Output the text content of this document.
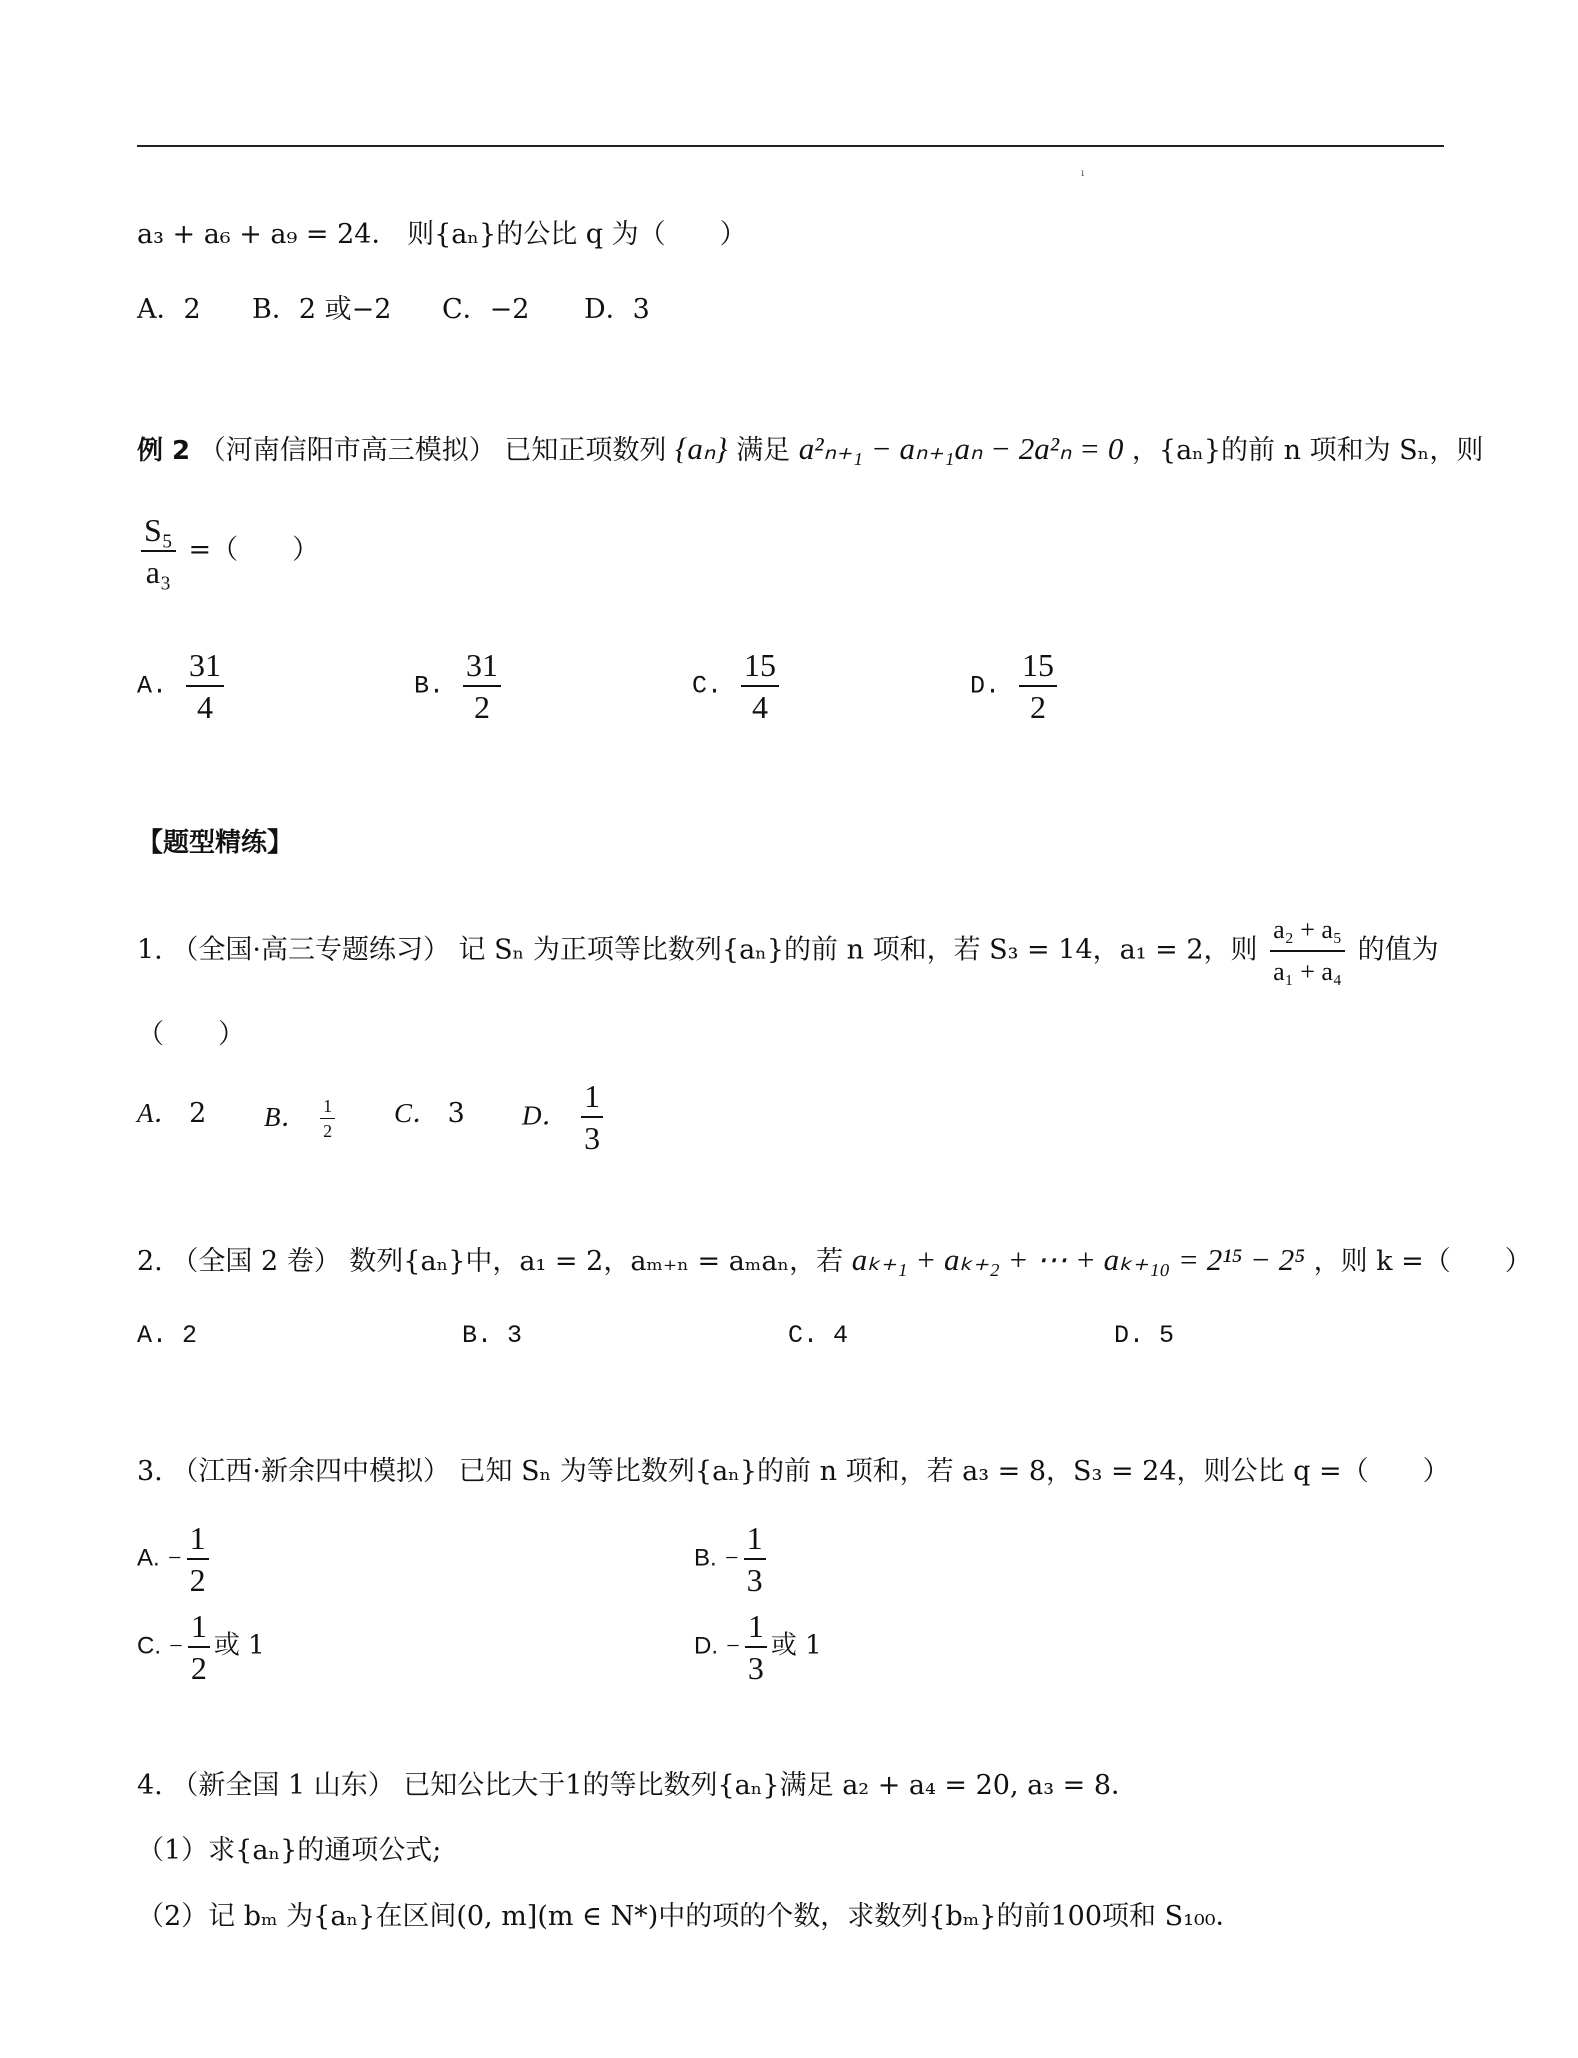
ı
a₃ + a₆ + a₉ = 24． 则{aₙ}的公比 q 为（　　）
A．2 B．2 或−2 C．−2 D．3
例 2 （河南信阳市高三模拟） 已知正项数列 {aₙ} 满足 a²ₙ₊₁ − aₙ₊₁aₙ − 2a²ₙ = 0 ，{aₙ}的前 n 项和为 Sₙ，则
$\frac{\text{S₅}}{\text{a₃}}$ =（　　）
A. $\frac{31}{4}$	B. $\frac{31}{2}$	C. $\frac{15}{4}$	D. $\frac{15}{2}$
【题型精练】
1. （全国·高三专题练习） 记 Sₙ 为正项等比数列{aₙ}的前 n 项和，若 S₃ = 14，a₁ = 2，则 $\frac{\text{a₂ + a₅}}{\text{a₁ + a₄}}$ 的值为
（　　）
A． 2 B． $\frac{1}{2}$ C． 3 D． $\frac{1}{3}$
2. （全国 2 卷） 数列{aₙ}中，a₁ = 2，aₘ₊ₙ = aₘaₙ，若 aₖ₊₁ + aₖ₊₂ + ⋯ + aₖ₊₁₀ = 2¹⁵ − 2⁵ ，则 k =（　　）
A. 2	B. 3	C. 4	D. 5
3. （江西·新余四中模拟） 已知 Sₙ 为等比数列{aₙ}的前 n 项和，若 a₃ = 8，S₃ = 24，则公比 q =（　　）
A. − $\frac{1}{2}$	B. − $\frac{1}{3}$
C. − $\frac{1}{2}$ 或 1	D. − $\frac{1}{3}$ 或 1
4. （新全国 1 山东） 已知公比大于1的等比数列{aₙ}满足 a₂ + a₄ = 20, a₃ = 8．
（1）求{aₙ}的通项公式;
（2）记 bₘ 为{aₙ}在区间(0, m](m ∈ N*)中的项的个数，求数列{bₘ}的前100项和 S₁₀₀．
